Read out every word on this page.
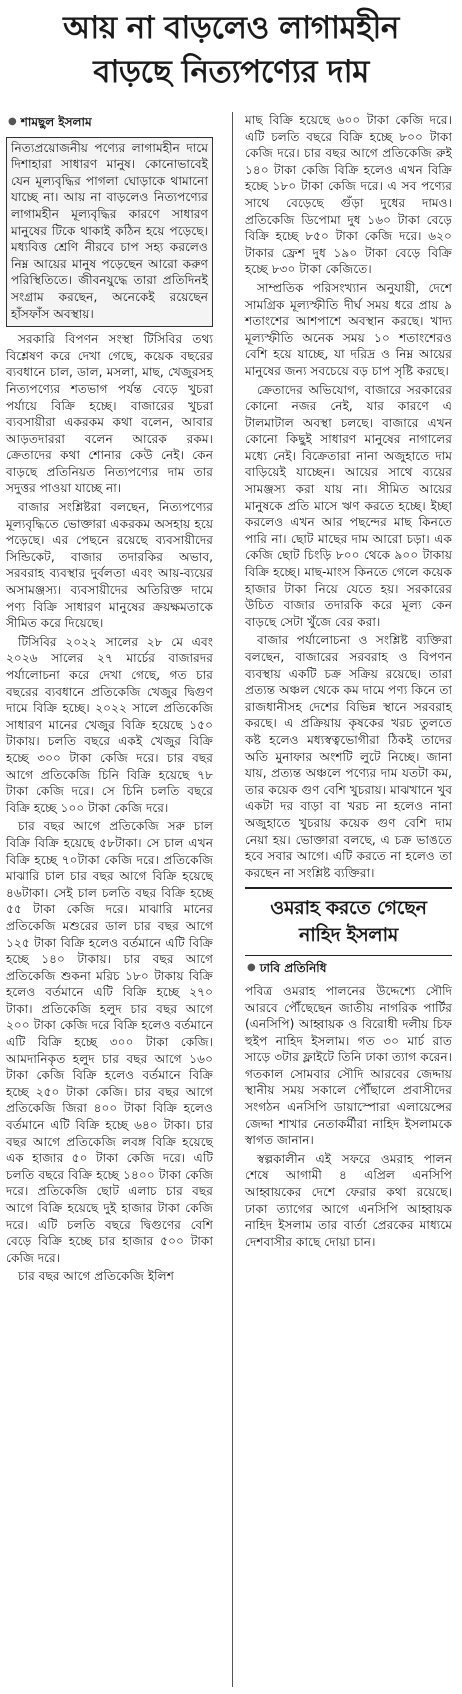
আয় না বাড়লেও লাগামহীন
বাড়ছে নিত্যপণ্যের দাম
● শামছুল ইসলাম

নিত্যপ্রয়োজনীয় পণ্যের লাগামহীন দামে দিশাহারা সাধারণ মানুষ। কোনোভাবেই যেন মূল্যবৃদ্ধির পাগলা ঘোড়াকে থামানো যাচ্ছে না। আয় না বাড়লেও নিত্যপণ্যের লাগামহীন মূল্যবৃদ্ধির কারণে সাধারণ মানুষের টিকে থাকাই কঠিন হয়ে পড়েছে। মধ্যবিত্ত শ্রেণি নীরবে চাপ সহ্য করলেও নিম্ন আয়ের মানুষ পড়েছেন আরো করুণ পরিস্থিতিতে। জীবনযুদ্ধে তারা প্রতিদিনই সংগ্রাম করছেন, অনেকেই রয়েছেন হাঁসফাঁস অবস্থায়।

সরকারি বিপণন সংস্থা টিসিবির তথ্য বিশ্লেষণ করে দেখা গেছে, কয়েক বছরের ব্যবধানে চাল, ডাল, মসলা, মাছ, খেজুরসহ নিত্যপণ্যের শতভাগ পর্যন্ত বেড়ে খুচরা পর্যায়ে বিক্রি হচ্ছে। বাজারের খুচরা ব্যবসায়ীরা একরকম কথা বলেন, আবার আড়তদাররা বলেন আরেক রকম। ক্রেতাদের কথা শোনার কেউ নেই। কেন বাড়ছে প্রতিনিয়ত নিত্যপণ্যের দাম তার সদুত্তর পাওয়া যাচ্ছে না।

বাজার সংশ্লিষ্টরা বলছেন, নিত্যপণ্যের মূল্যবৃদ্ধিতে ভোক্তারা একরকম অসহায় হয়ে পড়েছে। এর পেছনে রয়েছে ব্যবসায়ীদের সিন্ডিকেট, বাজার তদারকির অভাব, সরবরাহ ব্যবস্থার দুর্বলতা এবং আয়-ব্যয়ের অসামঞ্জস্য। ব্যবসায়ীদের অতিরিক্ত দামে পণ্য বিক্রি সাধারণ মানুষের ক্রয়ক্ষমতাকে সীমিত করে দিয়েছে।

টিসিবির ২০২২ সালের ২৮ মে এবং ২০২৬ সালের ২৭ মার্চের বাজারদর পর্যালোচনা করে দেখা গেছে, গত চার বছরের ব্যবধানে প্রতিকেজি খেজুর দ্বিগুণ দামে বিক্রি হচ্ছে। ২০২২ সালে প্রতিকেজি সাধারণ মানের খেজুর বিক্রি হয়েছে ১৫০ টাকায়। চলতি বছরে একই খেজুর বিক্রি হচ্ছে ৩০০ টাকা কেজি দরে। চার বছর আগে প্রতিকেজি চিনি বিক্রি হয়েছে ৭৮ টাকা কেজি দরে। সে চিনি চলতি বছরে বিক্রি হচ্ছে ১০০ টাকা কেজি দরে।

চার বছর আগে প্রতিকেজি সরু চাল বিক্রি বিক্রি হয়েছে ৫৮টাকা। সে চাল এখন বিক্রি হচ্ছে ৭০টাকা কেজি দরে। প্রতিকেজি মাঝারি চাল চার বছর আগে বিক্রি হয়েছে ৪৬টাকা। সেই চাল চলতি বছর বিক্রি হচ্ছে ৫৫ টাকা কেজি দরে। মাঝারি মানের প্রতিকেজি মশুরের ডাল চার বছর আগে ১২৫ টাকা বিক্রি হলেও বর্তমানে এটি বিক্রি হচ্ছে ১৪০ টাকায়। চার বছর আগে প্রতিকেজি শুকনা মরিচ ১৮০ টাকায় বিক্রি হলেও বর্তমানে এটি বিক্রি হচ্ছে ২৭০ টাকা। প্রতিকেজি হলুদ চার বছর আগে ২০০ টাকা কেজি দরে বিক্রি হলেও বর্তমানে এটি বিক্রি হচ্ছে ৩০০ টাকা কেজি। আমদানিকৃত হলুদ চার বছর আগে ১৬০ টাকা কেজি বিক্রি হলেও বর্তমানে বিক্রি হচ্ছে ২৫০ টাকা কেজি। চার বছর আগে প্রতিকেজি জিরা ৪০০ টাকা বিক্রি হলেও বর্তমানে এটি বিক্রি হচ্ছে ৬৪০ টাকা। চার বছর আগে প্রতিকেজি লবঙ্গ বিক্রি হয়েছে এক হাজার ৫০ টাকা কেজি দরে। এটি চলতি বছরে বিক্রি হচ্ছে ১৪০০ টাকা কেজি দরে। প্রতিকেজি ছোট এলাচ চার বছর আগে বিক্রি হয়েছে দুই হাজার টাকা কেজি দরে। এটি চলতি বছরে দ্বিগুণের বেশি বেড়ে বিক্রি হচ্ছে চার হাজার ৫০০ টাকা কেজি দরে।

চার বছর আগে প্রতিকেজি ইলিশ

মাছ বিক্রি হয়েছে ৬০০ টাকা কেজি দরে। এটি চলতি বছরে বিক্রি হচ্ছে ৮০০ টাকা কেজি দরে। চার বছর আগে প্রতিকেজি রুই ১৪০ টাকা কেজি বিক্রি হলেও এখন বিক্রি হচ্ছে ১৮০ টাকা কেজি দরে। এ সব পণ্যের সাথে বেড়েছে গুঁড়া দুধের দামও। প্রতিকেজি ডিপোমা দুধ ১৬০ টাকা বেড়ে বিক্রি হচ্ছে ৮৫০ টাকা কেজি দরে। ৬২০ টাকার ফ্রেশ দুধ ১৯০ টাকা বেড়ে বিক্রি হচ্ছে ৮৩০ টাকা কেজিতে।

সাম্প্রতিক পরিসংখ্যান অনুযায়ী, দেশে সামগ্রিক মূল্যস্ফীতি দীর্ঘ সময় ধরে প্রায় ৯ শতাংশের আশপাশে অবস্থান করছে। খাদ্য মূল্যস্ফীতি অনেক সময় ১০ শতাংশেরও বেশি হয়ে যাচ্ছে, যা দরিদ্র ও নিম্ন আয়ের মানুষের জন্য সবচেয়ে বড় চাপ সৃষ্টি করছে।

ক্রেতাদের অভিযোগ, বাজারে সরকারের কোনো নজর নেই, যার কারণে এ টালমাটাল অবস্থা চলছে। বাজারে এখন কোনো কিছুই সাধারণ মানুষের নাগালের মধ্যে নেই। বিক্রেতারা নানা অজুহাতে দাম বাড়িয়েই যাচ্ছেন। আয়ের সাথে ব্যয়ের সামঞ্জস্য করা যায় না। সীমিত আয়ের মানুষকে প্রতি মাসে ঋণ করতে হচ্ছে। ইচ্ছা করলেও এখন আর পছন্দের মাছ কিনতে পারি না। ছোট মাছের দাম আরো চড়া। এক কেজি ছোট চিংড়ি ৮০০ থেকে ৯০০ টাকায় বিক্রি হচ্ছে। মাছ-মাংস কিনতে গেলে কয়েক হাজার টাকা নিয়ে যেতে হয়। সরকারের উচিত বাজার তদারকি করে মূল্য কেন বাড়ছে সেটা খুঁজে বের করা।

বাজার পর্যালোচনা ও সংশ্লিষ্ট ব্যক্তিরা বলছেন, বাজারের সরবরাহ ও বিপণন ব্যবস্থায় একটি চক্র সক্রিয় রয়েছে। তারা প্রত্যন্ত অঞ্চল থেকে কম দামে পণ্য কিনে তা রাজধানীসহ দেশের বিভিন্ন স্থানে সরবরাহ করছে। এ প্রক্রিয়ায় কৃষকের খরচ তুলতে কষ্ট হলেও মধ্যস্বত্বভোগীরা ঠিকই তাদের অতি মুনাফার অংশটি লুটে নিচ্ছে। জানা যায়, প্রত্যন্ত অঞ্চলে পণ্যের দাম যতটা কম, তার কয়েক গুণ বেশি খুচরায়। মাঝখানে খুব একটা দর বাড়া বা খরচ না হলেও নানা অজুহাতে খুচরায় কয়েক গুণ বেশি দাম নেয়া হয়। ভোক্তারা বলছে, এ চক্র ভাঙতে হবে সবার আগে। এটি করতে না হলেও তা করছেন না সংশ্লিষ্ট ব্যক্তিরা।

ওমরাহ করতে গেছেন
নাহিদ ইসলাম
● ঢাবি প্রতিনিধি

পবিত্র ওমরাহ পালনের উদ্দেশ্যে সৌদি আরবে পৌঁছেছেন জাতীয় নাগরিক পার্টির (এনসিপি) আহ্বায়ক ও বিরোধী দলীয় চিফ হুইপ নাহিদ ইসলাম। গত ৩০ মার্চ রাত সাড়ে ৩টার ফ্লাইটে তিনি ঢাকা ত্যাগ করেন। গতকাল সোমবার সৌদি আরবের জেদ্দায় স্থানীয় সময় সকালে পৌঁছালে প্রবাসীদের সংগঠন এনসিপি ডায়াস্পোরা এলায়েন্সের জেদ্দা শাখার নেতাকর্মীরা নাহিদ ইসলামকে স্বাগত জানান।

স্বল্পকালীন এই সফরে ওমরাহ পালন শেষে আগামী ৪ এপ্রিল এনসিপি আহ্বায়কের দেশে ফেরার কথা রয়েছে। ঢাকা ত্যাগের আগে এনসিপি আহ্বায়ক নাহিদ ইসলাম তার বার্তা প্রেরকের মাধ্যমে দেশবাসীর কাছে দোয়া চান।
